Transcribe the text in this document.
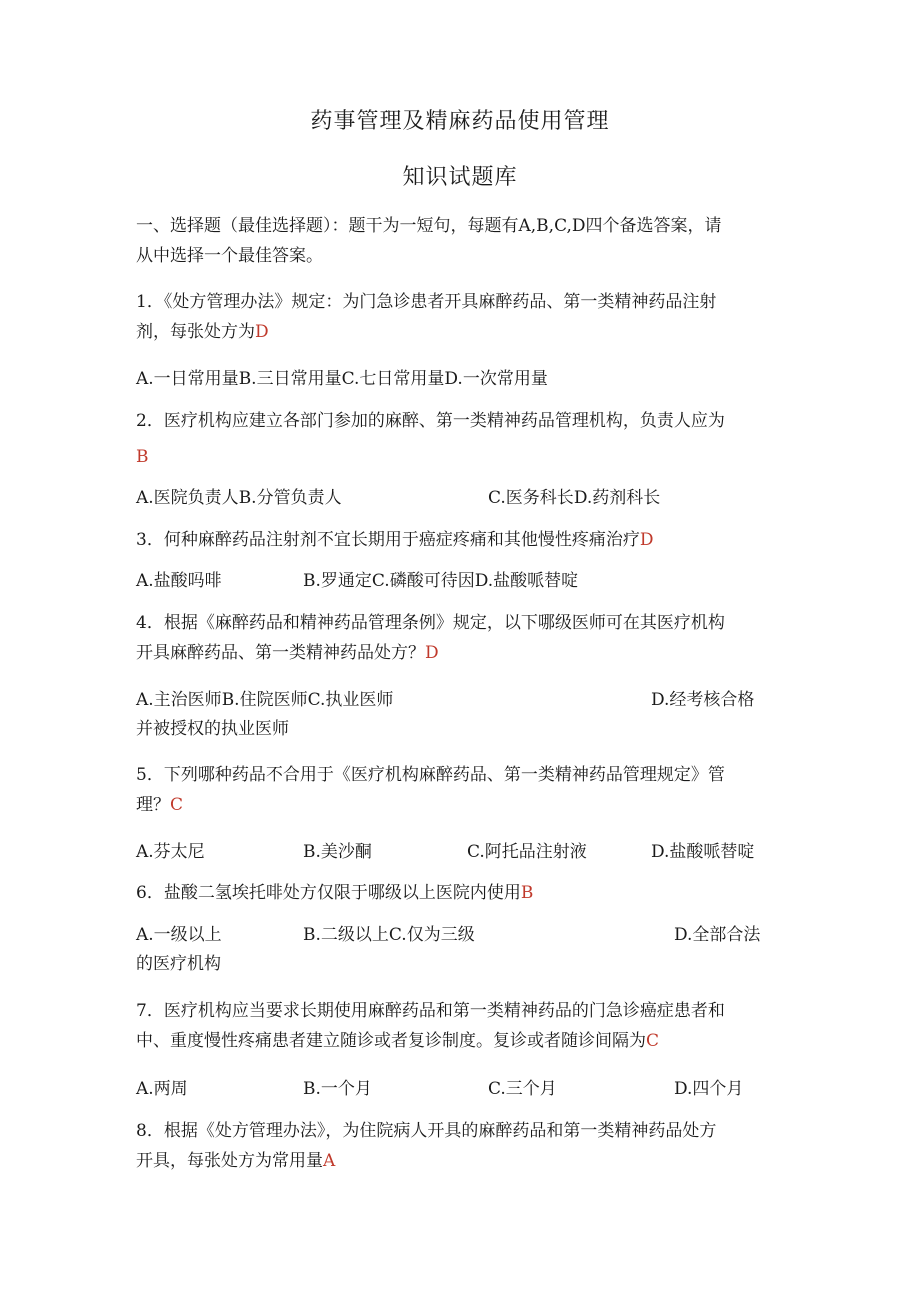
药事管理及精麻药品使用管理
知识试题库
一、选择题（最佳选择题）：题干为一短句，每题有A,B,C,D四个备选答案，请
从中选择一个最佳答案。
1．《处方管理办法》规定：为门急诊患者开具麻醉药品、第一类精神药品注射
剂，每张处方为D
A.一日常用量B.三日常用量C.七日常用量D.一次常用量
2．医疗机构应建立各部门参加的麻醉、第一类精神药品管理机构，负责人应为
B
A.医院负责人B.分管负责人	C.医务科长D.药剂科长
3．何种麻醉药品注射剂不宜长期用于癌症疼痛和其他慢性疼痛治疗D
A.盐酸吗啡	B.罗通定C.磷酸可待因D.盐酸哌替啶
4．根据《麻醉药品和精神药品管理条例》规定，以下哪级医师可在其医疗机构
开具麻醉药品、第一类精神药品处方？D
A.主治医师B.住院医师C.执业医师	D.经考核合格
并被授权的执业医师
5．下列哪种药品不合用于《医疗机构麻醉药品、第一类精神药品管理规定》管
理？C
A.芬太尼	B.美沙酮	C.阿托品注射液	D.盐酸哌替啶
6．盐酸二氢埃托啡处方仅限于哪级以上医院内使用B
A.一级以上	B.二级以上C.仅为三级	D.全部合法
的医疗机构
7．医疗机构应当要求长期使用麻醉药品和第一类精神药品的门急诊癌症患者和
中、重度慢性疼痛患者建立随诊或者复诊制度。复诊或者随诊间隔为C
A.两周	B.一个月	C.三个月	D.四个月
8．根据《处方管理办法》，为住院病人开具的麻醉药品和第一类精神药品处方
开具，每张处方为常用量A
